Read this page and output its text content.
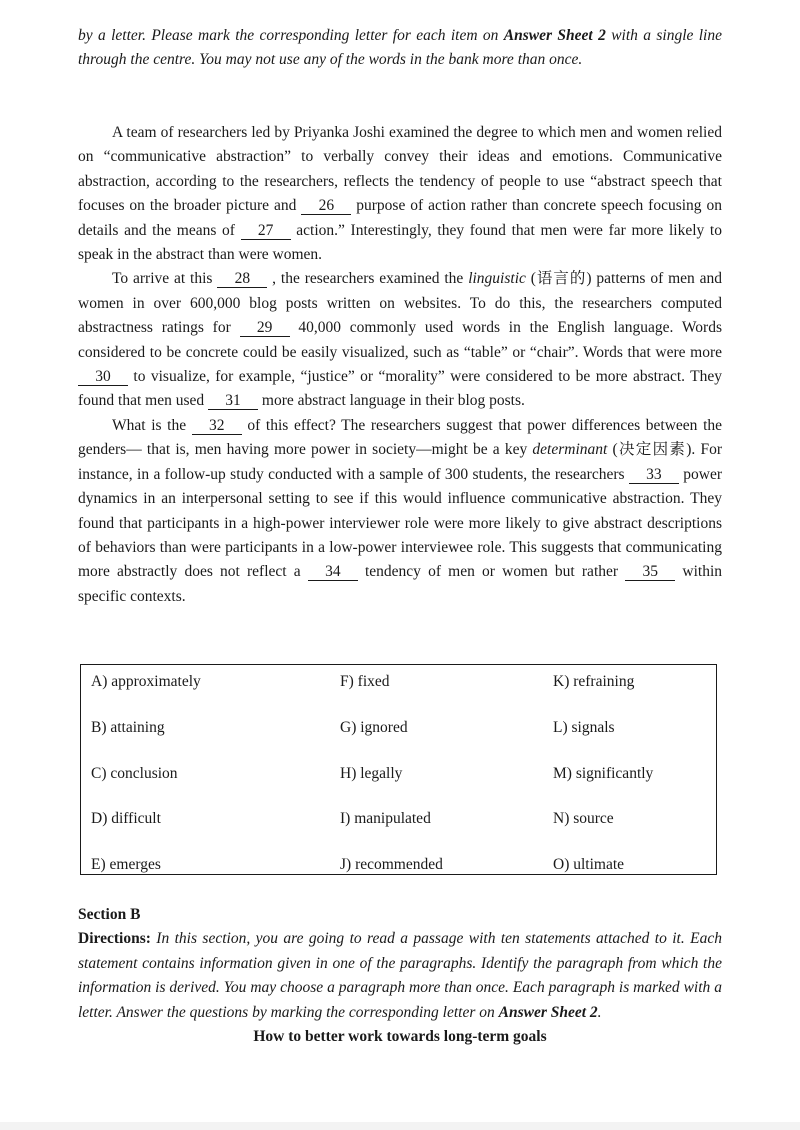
by a letter. Please mark the corresponding letter for each item on Answer Sheet 2 with a single line through the centre. You may not use any of the words in the bank more than once.

A team of researchers led by Priyanka Joshi examined the degree to which men and women relied on “communicative abstraction” to verbally convey their ideas and emotions. Communicative abstraction, according to the researchers, reflects the tendency of people to use “abstract speech that focuses on the broader picture and 26 purpose of action rather than concrete speech focusing on details and the means of 27 action.” Interestingly, they found that men were far more likely to speak in the abstract than were women.

To arrive at this 28 , the researchers examined the linguistic (语言的) patterns of men and women in over 600,000 blog posts written on websites. To do this, the researchers computed abstractness ratings for 29 40,000 commonly used words in the English language. Words considered to be concrete could be easily visualized, such as “table” or “chair”. Words that were more 30 to visualize, for example, “justice” or “morality” were considered to be more abstract. They found that men used 31 more abstract language in their blog posts.

What is the 32 of this effect? The researchers suggest that power differences between the genders— that is, men having more power in society—might be a key determinant (决定因素). For instance, in a follow-up study conducted with a sample of 300 students, the researchers 33 power dynamics in an interpersonal setting to see if this would influence communicative abstraction. They found that participants in a high-power interviewer role were more likely to give abstract descriptions of behaviors than were participants in a low-power interviewee role. This suggests that communicating more abstractly does not reflect a 34 tendency of men or women but rather 35 within specific contexts.

A) approximately	F) fixed	K) refraining
B) attaining	G) ignored	L) signals
C) conclusion	H) legally	M) significantly
D) difficult	I) manipulated	N) source
E) emerges	J) recommended	O) ultimate
Section B
Directions: In this section, you are going to read a passage with ten statements attached to it. Each statement contains information given in one of the paragraphs. Identify the paragraph from which the information is derived. You may choose a paragraph more than once. Each paragraph is marked with a letter. Answer the questions by marking the corresponding letter on Answer Sheet 2.
How to better work towards long-term goals
